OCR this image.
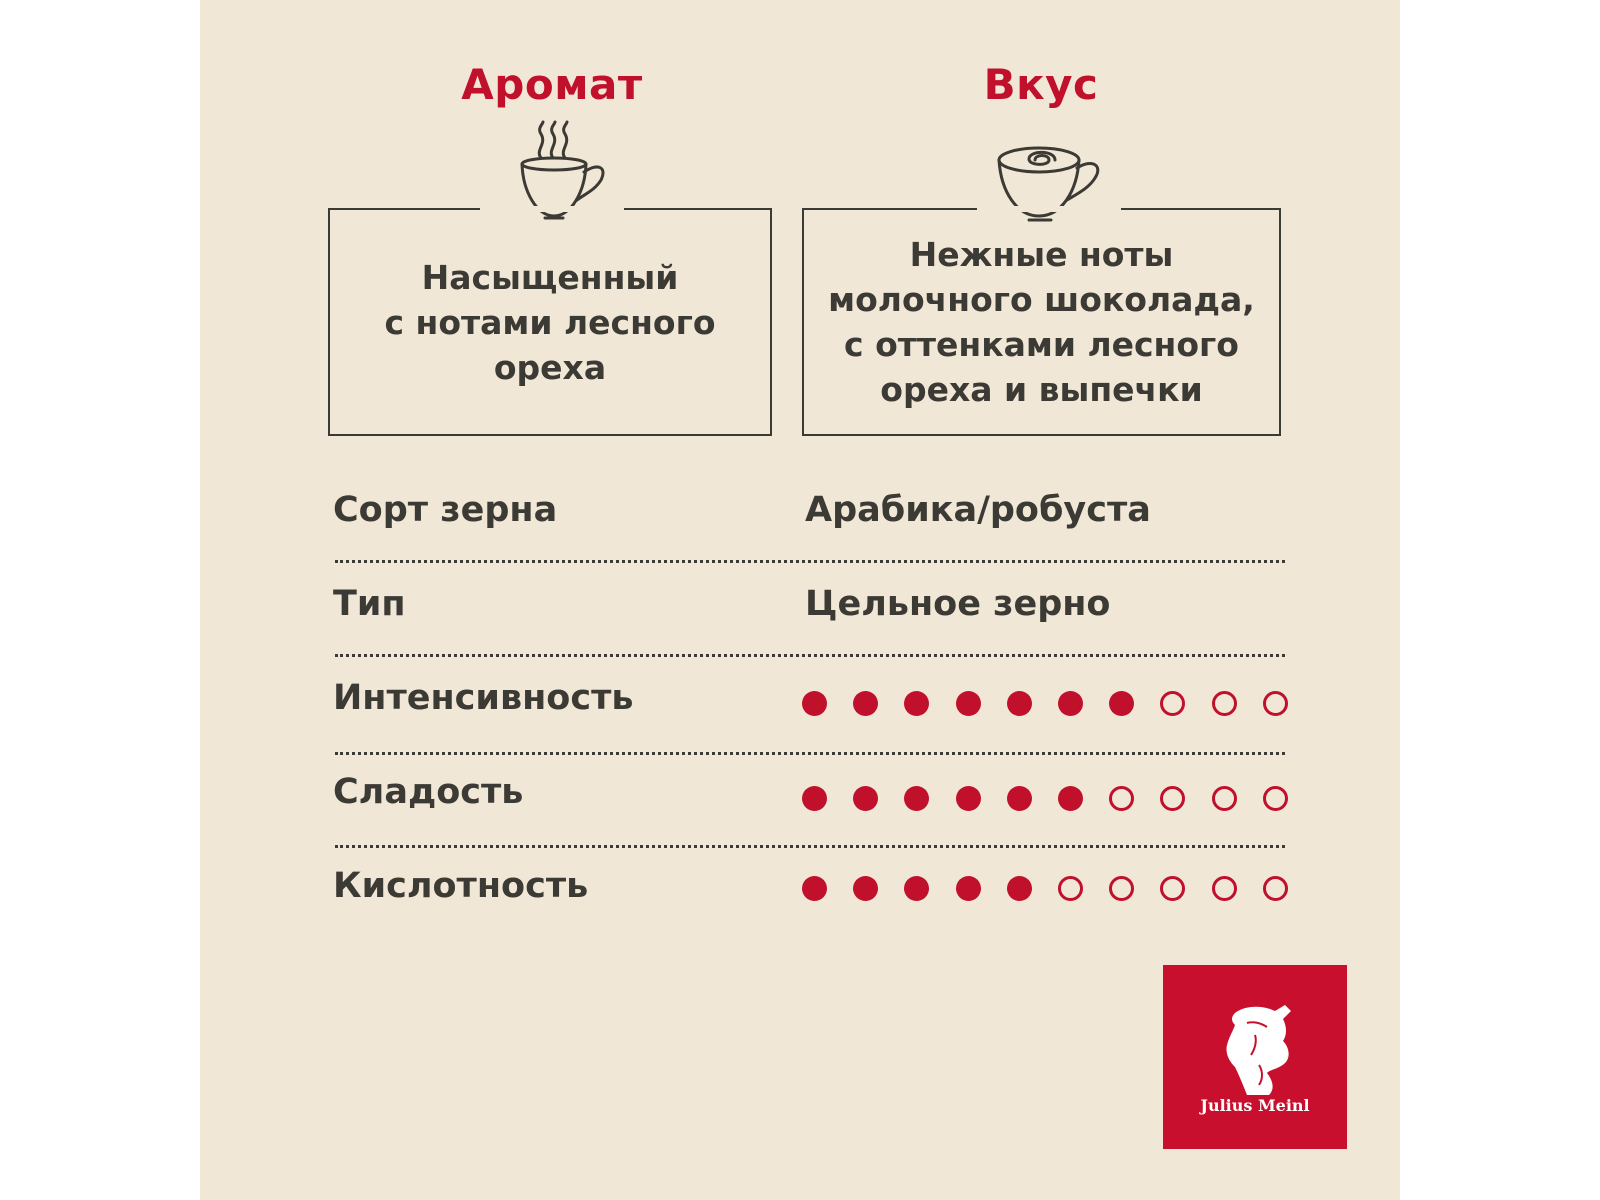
Аромат
Насыщенный
с нотами лесного
ореха
Вкус
Нежные ноты
молочного шоколада,
с оттенками лесного
ореха и выпечки
Сорт зерна	Арабика/робуста
Тип	Цельное зерно
Интенсивность
Сладость
Кислотность
Julius Meinl
